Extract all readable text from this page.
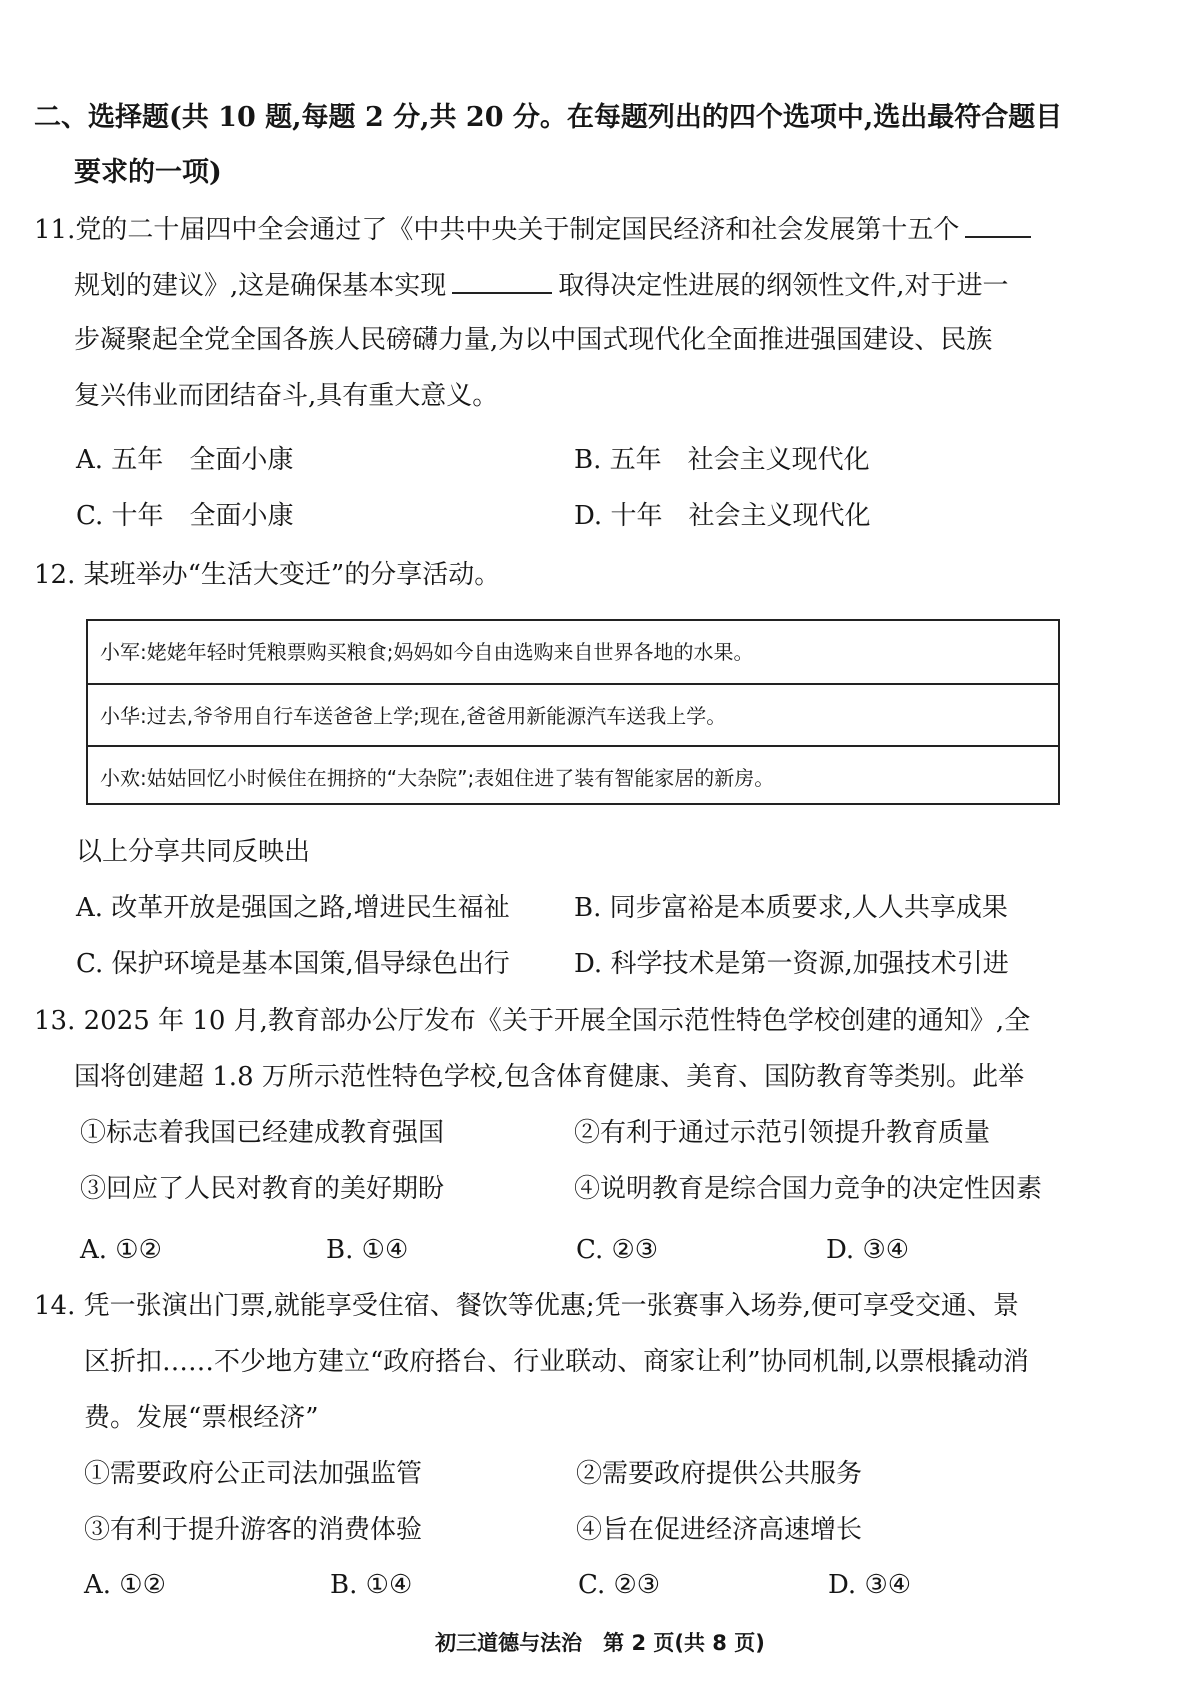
二、选择题(共 10 题,每题 2 分,共 20 分。在每题列出的四个选项中,选出最符合题目
要求的一项)
11.党的二十届四中全会通过了《中共中央关于制定国民经济和社会发展第十五个
规划的建议》,这是确保基本实现	取得决定性进展的纲领性文件,对于进一
步凝聚起全党全国各族人民磅礴力量,为以中国式现代化全面推进强国建设、民族
复兴伟业而团结奋斗,具有重大意义。
A. 五年 全面小康	B. 五年 社会主义现代化
C. 十年 全面小康	D. 十年 社会主义现代化
12. 某班举办“生活大变迁”的分享活动。
小军:姥姥年轻时凭粮票购买粮食;妈妈如今自由选购来自世界各地的水果。
小华:过去,爷爷用自行车送爸爸上学;现在,爸爸用新能源汽车送我上学。
小欢:姑姑回忆小时候住在拥挤的“大杂院”;表姐住进了装有智能家居的新房。
以上分享共同反映出
A. 改革开放是强国之路,增进民生福祉 B. 同步富裕是本质要求,人人共享成果
C. 保护环境是基本国策,倡导绿色出行 D. 科学技术是第一资源,加强技术引进
13. 2025 年 10 月,教育部办公厅发布《关于开展全国示范性特色学校创建的通知》,全
国将创建超 1.8 万所示范性特色学校,包含体育健康、美育、国防教育等类别。此举
①标志着我国已经建成教育强国	②有利于通过示范引领提升教育质量
③回应了人民对教育的美好期盼	④说明教育是综合国力竞争的决定性因素
A. ①②	B. ①④	C. ②③	D. ③④
14. 凭一张演出门票,就能享受住宿、餐饮等优惠;凭一张赛事入场券,便可享受交通、景
区折扣……不少地方建立“政府搭台、行业联动、商家让利”协同机制,以票根撬动消
费。发展“票根经济”
①需要政府公正司法加强监管	②需要政府提供公共服务
③有利于提升游客的消费体验	④旨在促进经济高速增长
A. ①②	B. ①④	C. ②③	D. ③④
初三道德与法治　第 2 页(共 8 页)
